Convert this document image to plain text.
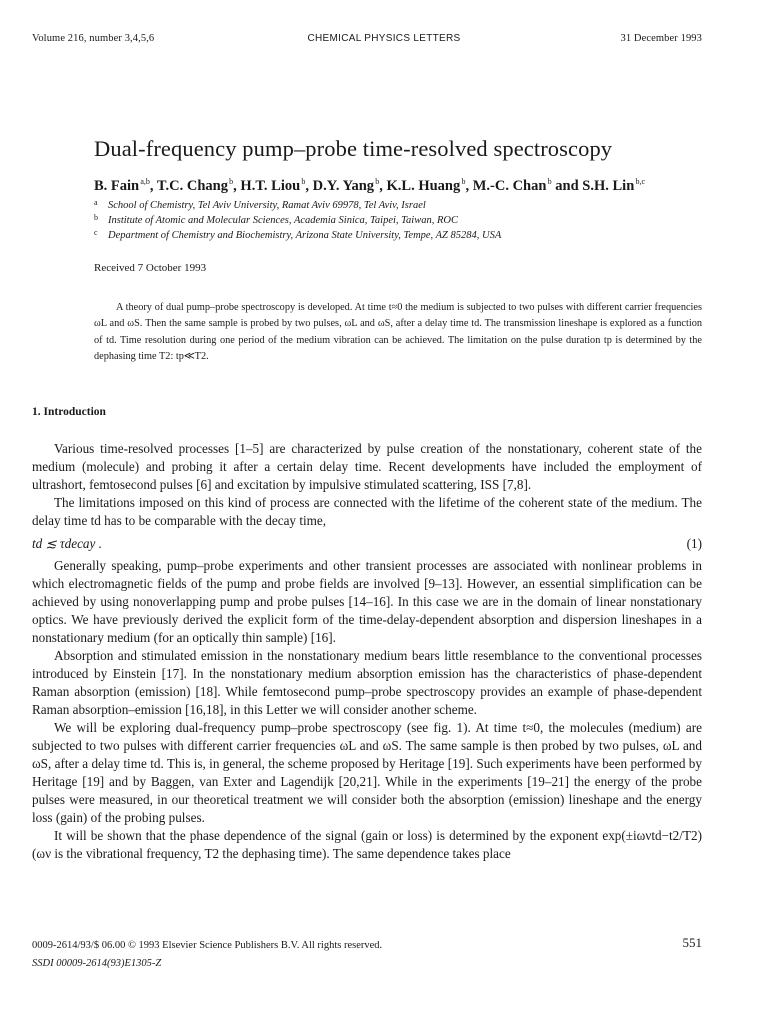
Volume 216, number 3,4,5,6	CHEMICAL PHYSICS LETTERS	31 December 1993
Dual-frequency pump–probe time-resolved spectroscopy
B. Fain $^{a,b}$, T.C. Chang $^b$, H.T. Liou $^b$, D.Y. Yang $^b$, K.L. Huang $^b$, M.-C. Chan $^b$ and S.H. Lin $^{b,c}$
a School of Chemistry, Tel Aviv University, Ramat Aviv 69978, Tel Aviv, Israel
b Institute of Atomic and Molecular Sciences, Academia Sinica, Taipei, Taiwan, ROC
c Department of Chemistry and Biochemistry, Arizona State University, Tempe, AZ 85284, USA
Received 7 October 1993
A theory of dual pump–probe spectroscopy is developed. At time t≈0 the medium is subjected to two pulses with different carrier frequencies ωL and ωS. Then the same sample is probed by two pulses, ωL and ωS, after a delay time td. The transmission lineshape is explored as a function of td. Time resolution during one period of the medium vibration can be achieved. The limitation on the pulse duration tp is determined by the dephasing time T2: tp≪T2.
1. Introduction

Various time-resolved processes [1–5] are characterized by pulse creation of the nonstationary, coherent state of the medium (molecule) and probing it after a certain delay time. Recent developments have included the employment of ultrashort, femtosecond pulses [6] and excitation by impulsive stimulated scattering, ISS [7,8].

The limitations imposed on this kind of process are connected with the lifetime of the coherent state of the medium. The delay time td has to be comparable with the decay time,

td ≲ τdecay .	(1)

Generally speaking, pump–probe experiments and other transient processes are associated with nonlinear problems in which electromagnetic fields of the pump and probe fields are involved [9–13]. However, an essential simplification can be achieved by using nonoverlapping pump and probe pulses [14–16]. In this case we are in the domain of linear nonstationary optics. We have previously derived the explicit form of the time-delay-dependent absorption and dispersion lineshapes in a nonstationary medium (for an optically thin sample) [16].

Absorption and stimulated emission in the nonstationary medium bears little resemblance to the conventional processes introduced by Einstein [17]. In the nonstationary medium absorption emission has the characteristics of phase-dependent Raman absorption (emission) [18]. While femtosecond pump–probe spectroscopy provides an example of phase-dependent Raman absorption–emission [16,18], in this Letter we will consider another scheme.

We will be exploring dual-frequency pump–probe spectroscopy (see fig. 1). At time t≈0, the molecules (medium) are subjected to two pulses with different carrier frequencies ωL and ωS. The same sample is then probed by two pulses, ωL and ωS, after a delay time td. This is, in general, the scheme proposed by Heritage [19]. Such experiments have been performed by Heritage [19] and by Baggen, van Exter and Lagendijk [20,21]. While in the experiments [19–21] the energy of the probe pulses were measured, in our theoretical treatment we will consider both the absorption (emission) lineshape and the energy loss (gain) of the probing pulses.

It will be shown that the phase dependence of the signal (gain or loss) is determined by the exponent exp(±iωνtd−t2/T2) (ων is the vibrational frequency, T2 the dephasing time). The same dependence takes place

0009-2614/93/$ 06.00 © 1993 Elsevier Science Publishers B.V. All rights reserved.
SSDI 00009-2614(93)E1305-Z
551
